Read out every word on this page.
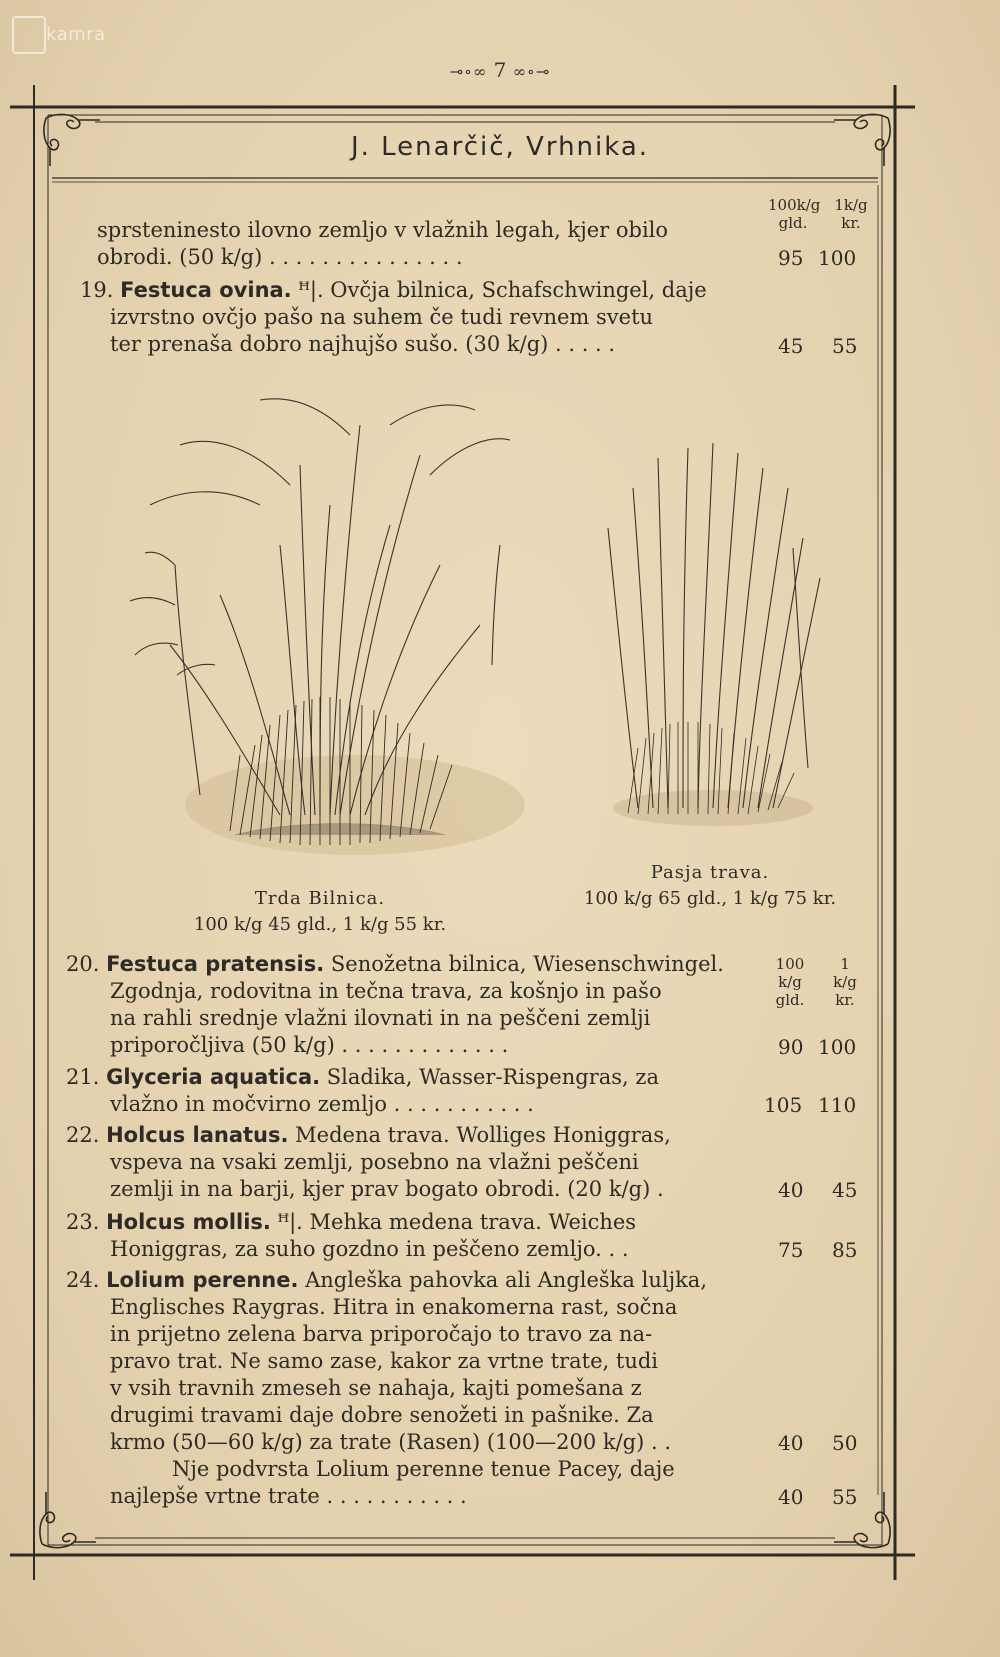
kamra
⊸∘∞ 7 ∞∘⊸
J. Lenarčič, Vrhnika.
100k/g
gld.
1k/g
kr.
sprsteninesto ilovno zemljo v vlažnih legah, kjer obilo
obrodi. (50 k/g) . . . . . . . . . . . . . . .	95 100
19. Festuca ovina. ꟸ|. Ovčja bilnica, Schafschwingel, daje
izvrstno ovčjo pašo na suhem če tudi revnem svetu
ter prenaša dobro najhujšo sušo. (30 k/g) . . . . .	45 55
Trda Bilnica.
100 k/g 45 gld., 1 k/g 55 kr.
Pasja trava.
100 k/g 65 gld., 1 k/g 75 kr.
100
k/g
gld.
1
k/g
kr.
20. Festuca pratensis. Senožetna bilnica, Wiesenschwingel.
Zgodnja, rodovitna in tečna trava, za košnjo in pašo
na rahli srednje vlažni ilovnati in na peščeni zemlji
priporočljiva (50 k/g) . . . . . . . . . . . . .	90 100
21. Glyceria aquatica. Sladika, Wasser-Rispengras, za
vlažno in močvirno zemljo . . . . . . . . . . .	105 110
22. Holcus lanatus. Medena trava. Wolliges Honiggras,
vspeva na vsaki zemlji, posebno na vlažni peščeni
zemlji in na barji, kjer prav bogato obrodi. (20 k/g) .	40 45
23. Holcus mollis. ꟸ|. Mehka medena trava. Weiches
Honiggras, za suho gozdno in peščeno zemljo. . .	75 85
24. Lolium perenne. Angleška pahovka ali Angleška luljka,
Englisches Raygras. Hitra in enakomerna rast, sočna
in prijetno zelena barva priporočajo to travo za na-
pravo trat. Ne samo zase, kakor za vrtne trate, tudi
v vsih travnih zmeseh se nahaja, kajti pomešana z
drugimi travami daje dobre senožeti in pašnike. Za
krmo (50—60 k/g) za trate (Rasen) (100—200 k/g) . .	40 50
Nje podvrsta Lolium perenne tenue Pacey, daje
najlepše vrtne trate . . . . . . . . . . .	40 55
